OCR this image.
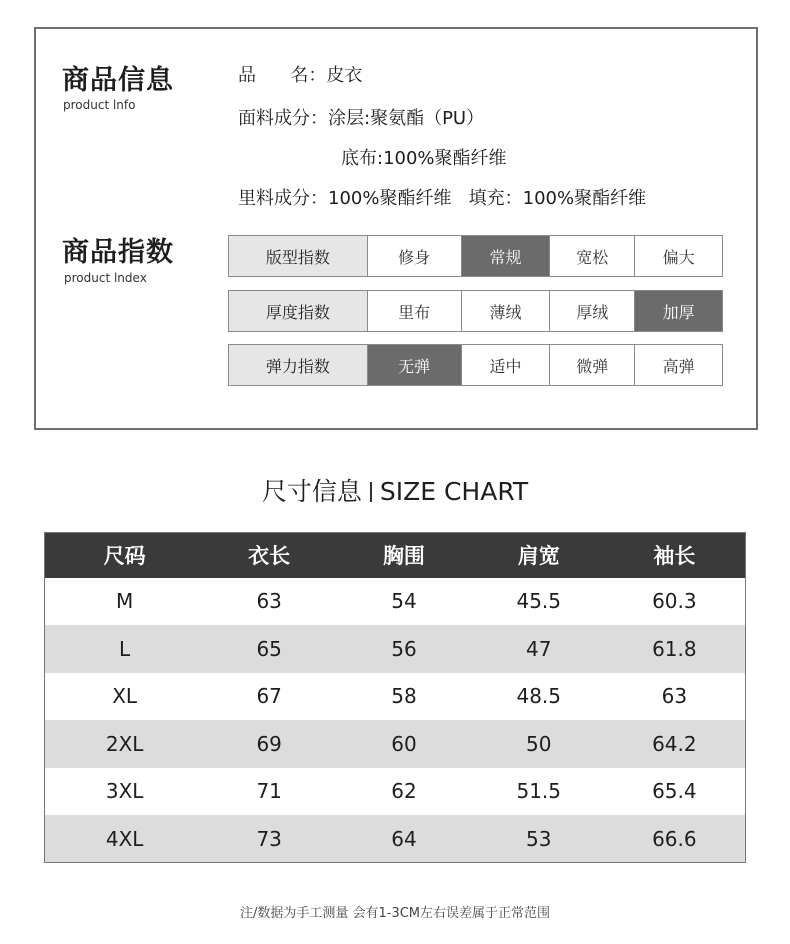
商品信息
product lnfo
品      名：皮衣
面料成分：涂层:聚氨酯（PU）
底布:100%聚酯纤维
里料成分：100%聚酯纤维   填充：100%聚酯纤维
商品指数
product lndex
版型指数	修身	常规	宽松	偏大
厚度指数	里布	薄绒	厚绒	加厚
弹力指数	无弹	适中	微弹	高弹
尺寸信息 SIZE CHART
尺码	衣长	胸围	肩宽	袖长
M	63	54	45.5	60.3
L	65	56	47	61.8
XL	67	58	48.5	63
2XL	69	60	50	64.2
3XL	71	62	51.5	65.4
4XL	73	64	53	66.6
注/数据为手工测量 会有1-3CM左右误差属于正常范围
